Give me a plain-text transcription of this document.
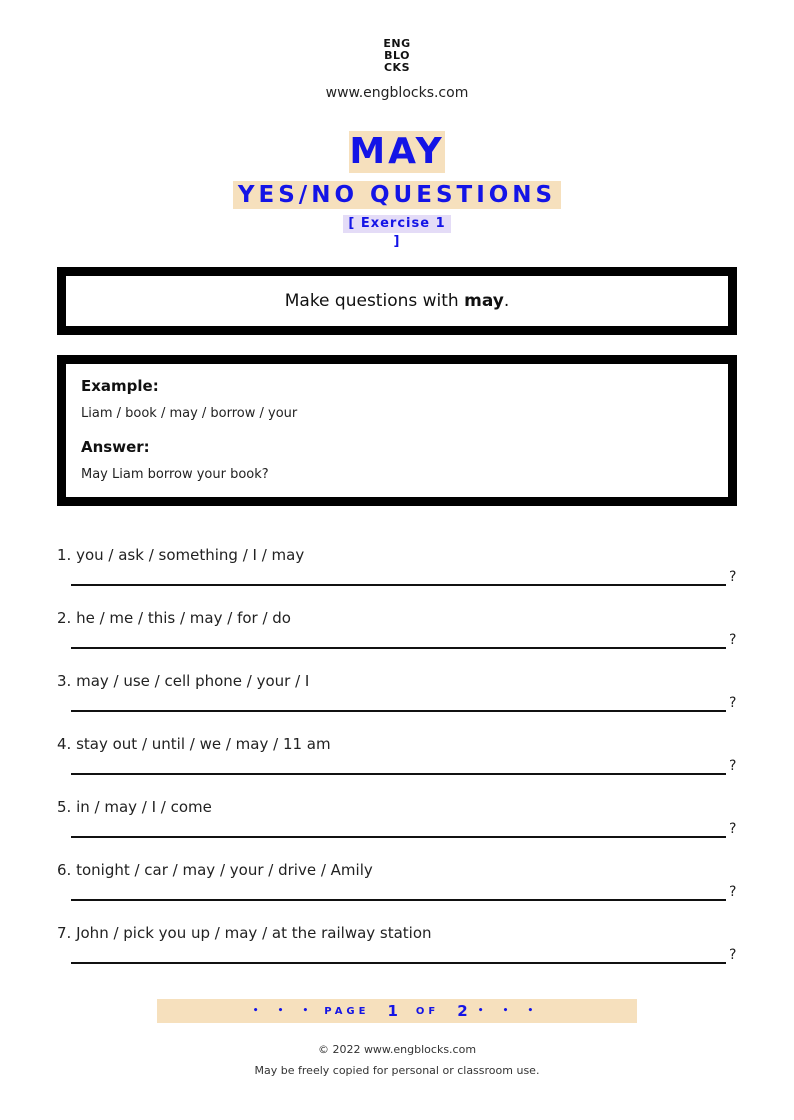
ENG
BLO
CKS
www.engblocks.com
MAY
YES/NO QUESTIONS
[ Exercise 1 ]
Make questions with
may .
Example:
Liam / book / may / borrow / your
Answer:
May Liam borrow your book?
1. you / ask / something / I / may
?
2. he / me / this / may / for / do
?
3. may / use / cell phone / your / I
?
4. stay out / until / we / may / 11 am
?
5. in / may / I / come
?
6. tonight / car / may / your / drive / Amily
?
7. John / pick you up / may / at the railway station
?
• • • PAGE 1 OF 2 • • •
© 2022 www.engblocks.com
May be freely copied for personal or classroom use.
